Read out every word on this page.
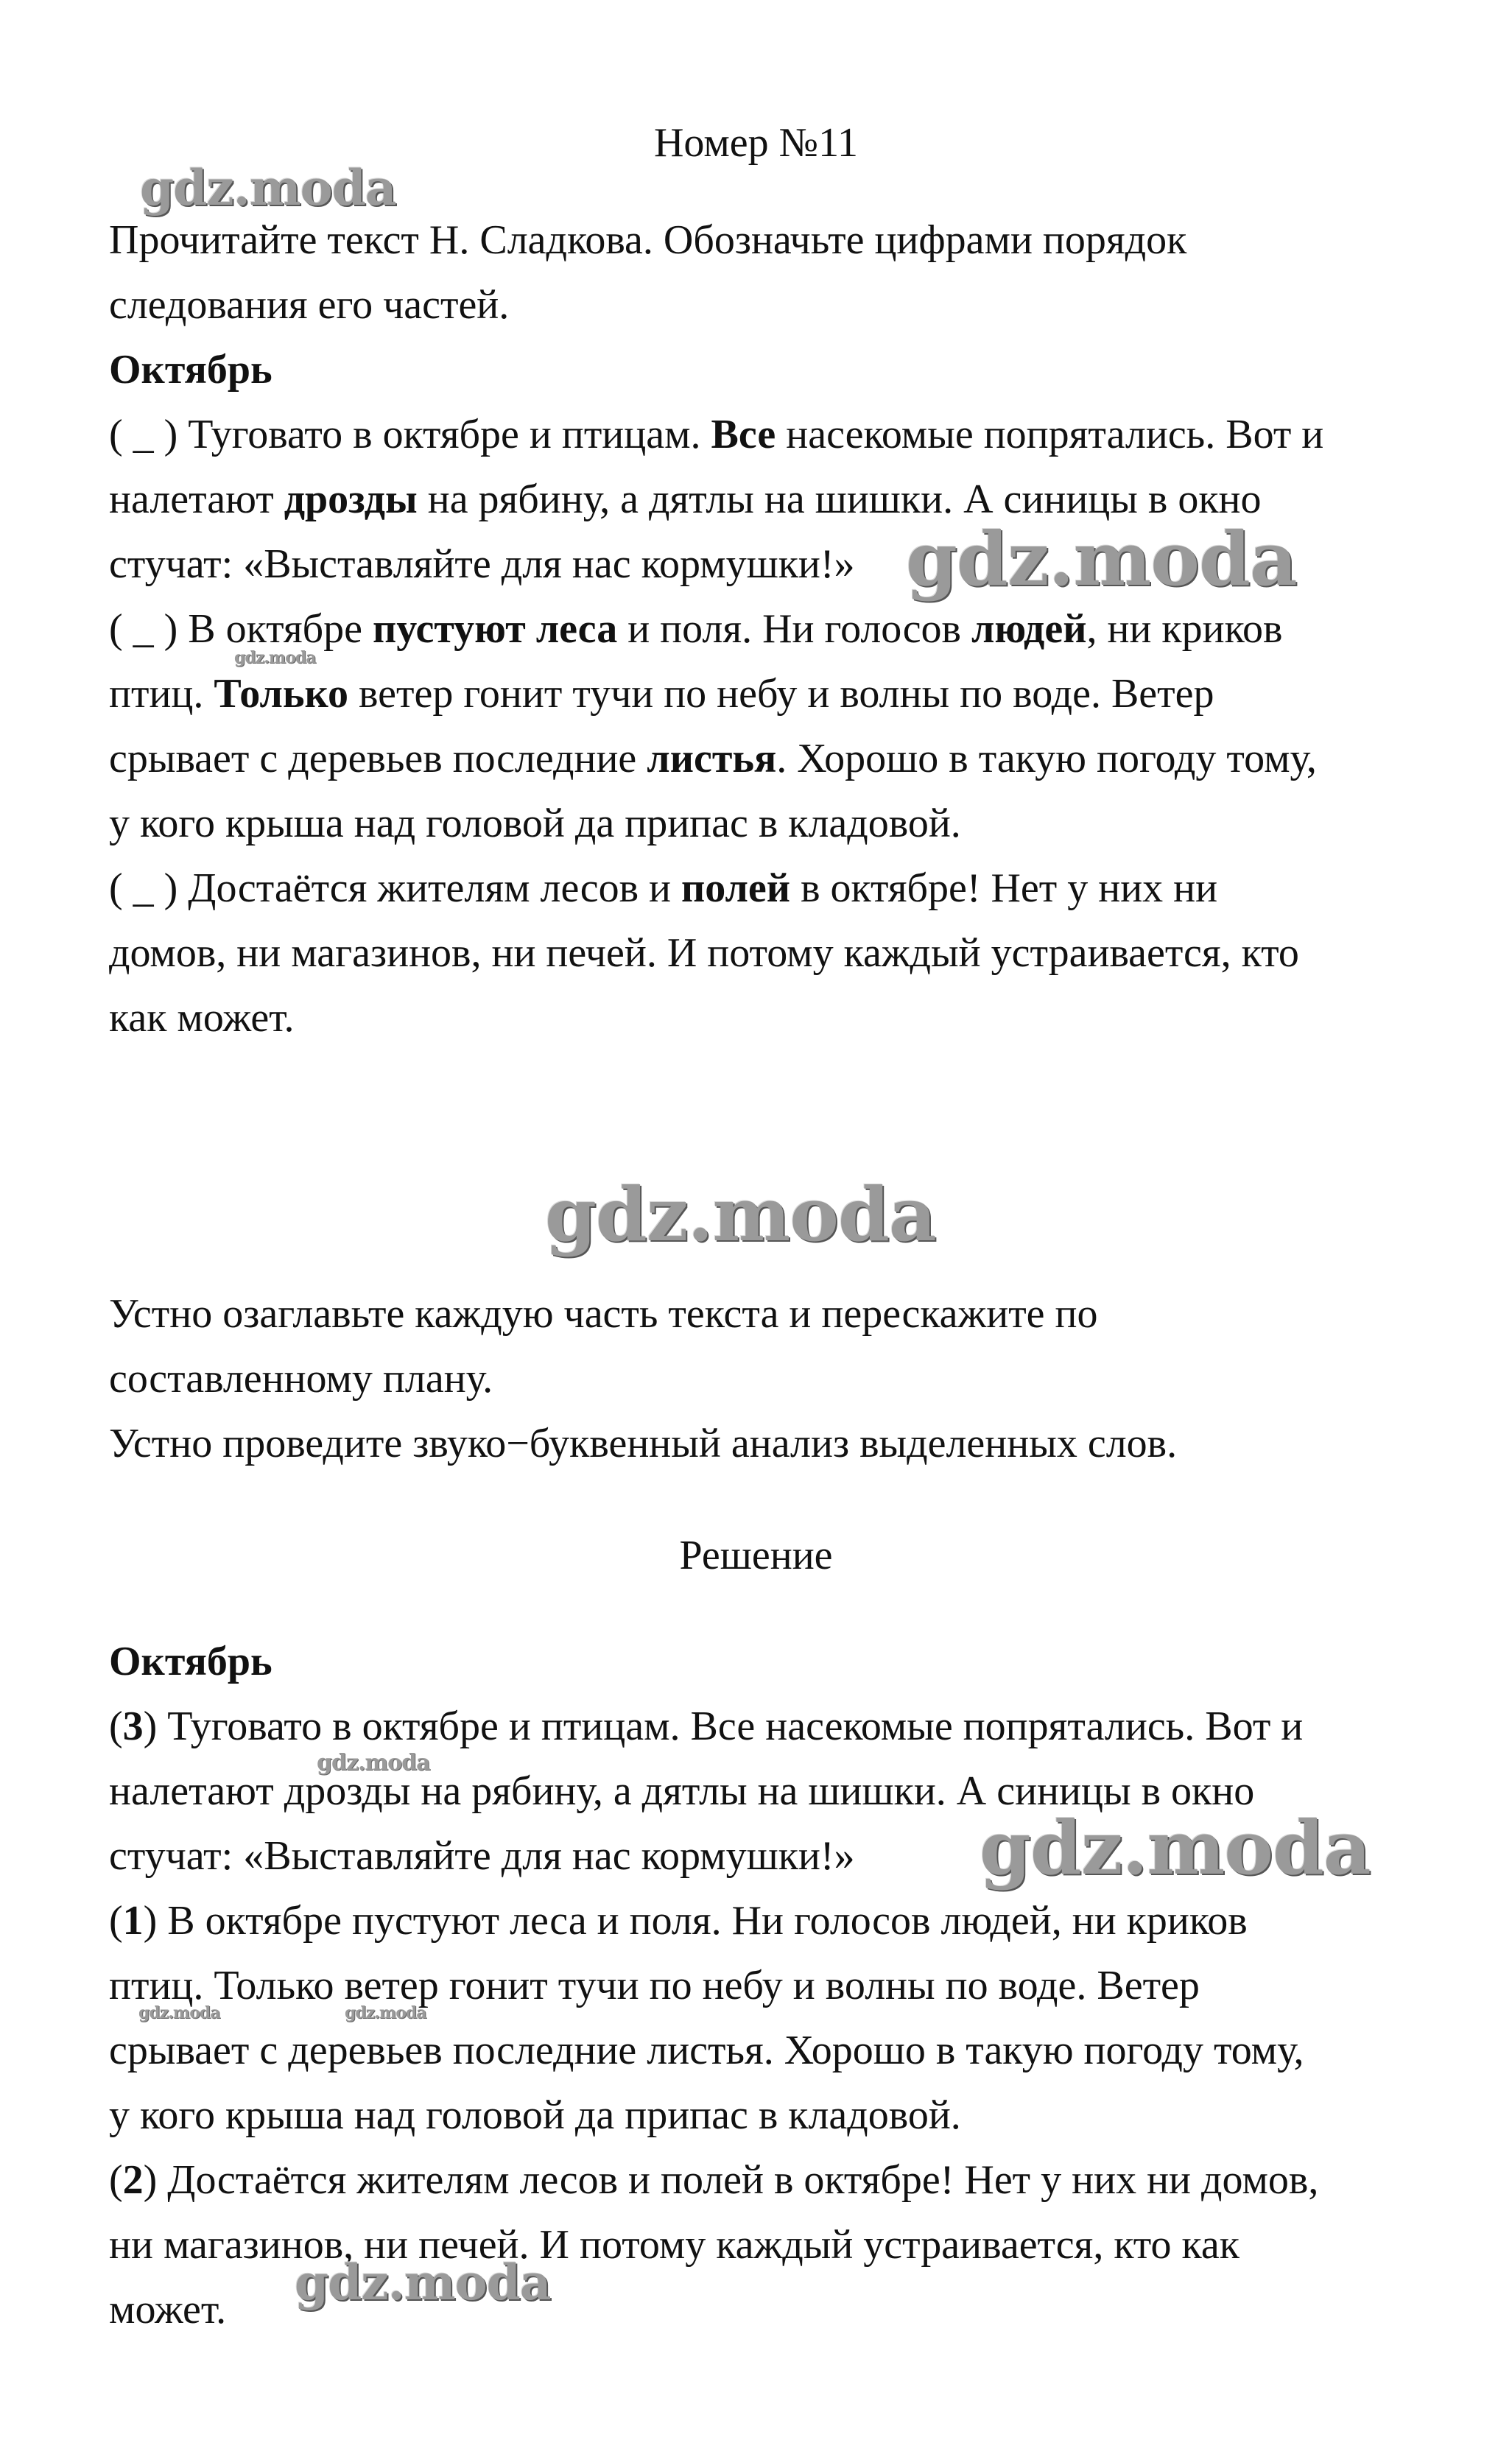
Номер №11

Прочитайте текст Н. Сладкова. Обозначьте цифрами порядок

следования его частей.

Октябрь

( _ ) Туговато в октябре и птицам. Все насекомые попрятались. Вот и

налетают дрозды на рябину, а дятлы на шишки. А синицы в окно

стучат: «Выставляйте для нас кормушки!»

( _ ) В октябре пустуют леса и поля. Ни голосов людей, ни криков

птиц. Только ветер гонит тучи по небу и волны по воде. Ветер

срывает с деревьев последние листья. Хорошо в такую погоду тому,

у кого крыша над головой да припас в кладовой.

( _ ) Достаётся жителям лесов и полей в октябре! Нет у них ни

домов, ни магазинов, ни печей. И потому каждый устраивается, кто

как может.

Устно озаглавьте каждую часть текста и перескажите по

составленному плану.

Устно проведите звуко−буквенный анализ выделенных слов.

Решение

Октябрь

(3) Туговато в октябре и птицам. Все насекомые попрятались. Вот и

налетают дрозды на рябину, а дятлы на шишки. А синицы в окно

стучат: «Выставляйте для нас кормушки!»

(1) В октябре пустуют леса и поля. Ни голосов людей, ни криков

птиц. Только ветер гонит тучи по небу и волны по воде. Ветер

срывает с деревьев последние листья. Хорошо в такую погоду тому,

у кого крыша над головой да припас в кладовой.

(2) Достаётся жителям лесов и полей в октябре! Нет у них ни домов,

ни магазинов, ни печей. И потому каждый устраивается, кто как

может.

gdz.moda
gdz.moda
gdz.moda
gdz.moda
gdz.moda
gdz.moda
gdz.moda	gdz.moda
gdz.moda
